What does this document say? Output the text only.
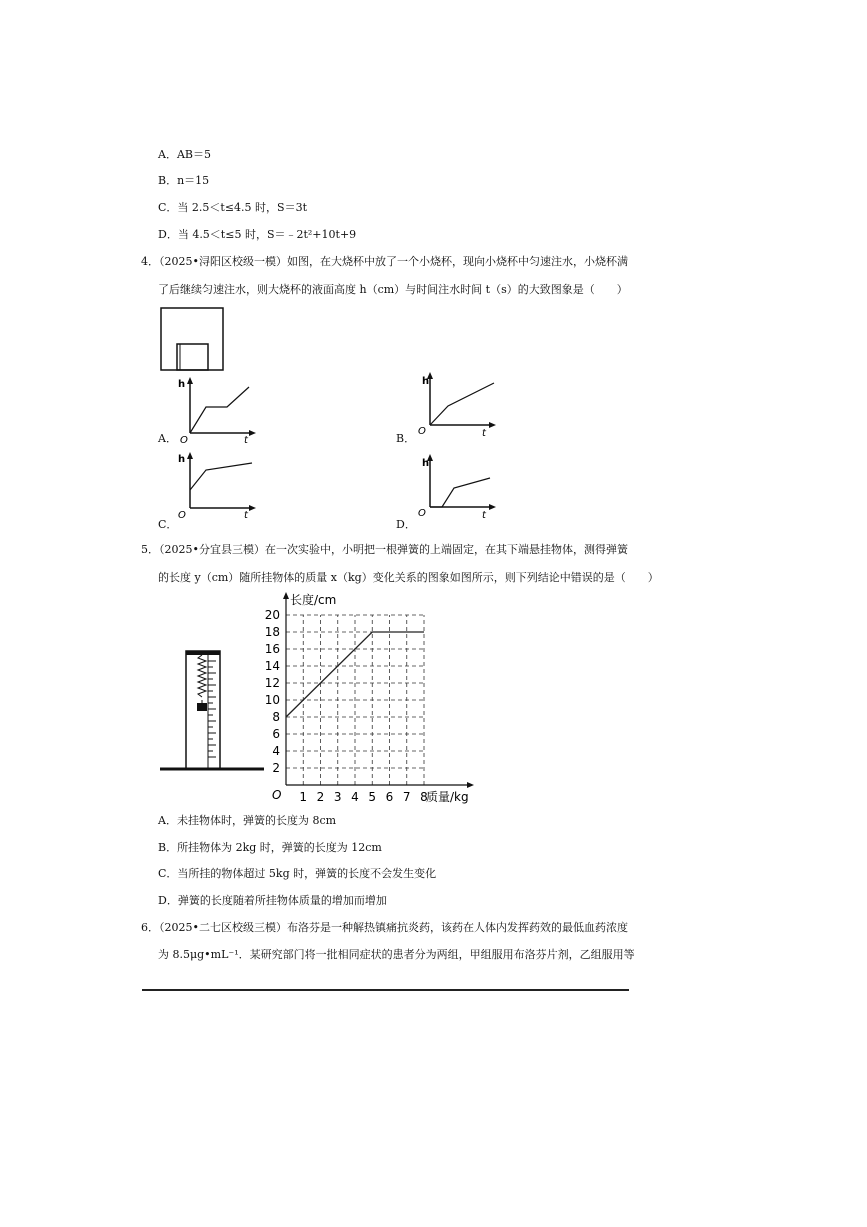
A．AB＝5
B．n＝15
C．当 2.5＜t≤4.5 时，S＝3t
D．当 4.5＜t≤5 时，S＝﹣2t²+10t+9
4．（2025•浔阳区校级一模）如图，在大烧杯中放了一个小烧杯，现向小烧杯中匀速注水，小烧杯满
了后继续匀速注水，则大烧杯的液面高度 h（cm）与时间注水时间 t（s）的大致图象是（　　）
A．
h
O	t	B．
h
O	t
C．
h
O	t
D．
h
O	t
5．（2025•分宜县三模）在一次实验中，小明把一根弹簧的上端固定，在其下端悬挂物体，测得弹簧
的长度 y（cm）随所挂物体的质量 x（kg）变化关系的图象如图所示，则下列结论中错误的是（　　）
1 2 3 4 5 6 7 8
2
4
6
8
10
12
14
16
18
20
O
长度/cm
质量/kg
A．未挂物体时，弹簧的长度为 8cm
B．所挂物体为 2kg 时，弹簧的长度为 12cm
C．当所挂的物体超过 5kg 时，弹簧的长度不会发生变化
D．弹簧的长度随着所挂物体质量的增加而增加
6．（2025•二七区校级三模）布洛芬是一种解热镇痛抗炎药，该药在人体内发挥药效的最低血药浓度
为 8.5μg•mL⁻¹．某研究部门将一批相同症状的患者分为两组，甲组服用布洛芬片剂，乙组服用等
